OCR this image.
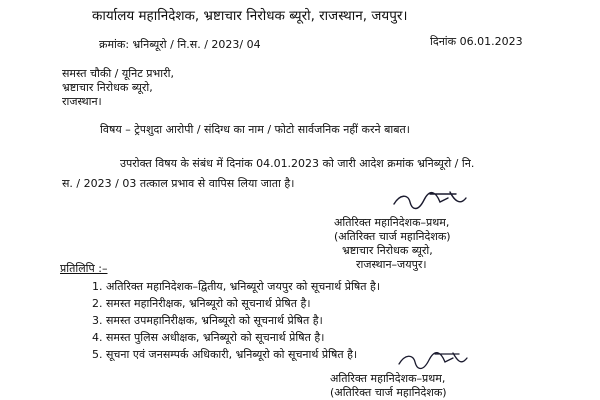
कार्यालय महानिदेशक, भ्रष्टाचार निरोधक ब्यूरो, राजस्थान, जयपुर।
क्रमांक: भ्रनिब्यूरो / नि.स. / 2023/ 04	दिनांक 06.01.2023
समस्त चौकी / यूनिट प्रभारी,
भ्रष्टाचार निरोधक ब्यूरो,
राजस्थान।
विषय – ट्रेपशुदा आरोपी / संदिग्ध का नाम / फोटो सार्वजनिक नहीं करने बाबत।
उपरोक्त विषय के संबंध में दिनांक 04.01.2023 को जारी आदेश क्रमांक भ्रनिब्यूरो / नि.
स. / 2023 / 03 तत्काल प्रभाव से वापिस लिया जाता है।
अतिरिक्त महानिदेशक–प्रथम,
(अतिरिक्त चार्ज महानिदेशक)
भ्रष्टाचार निरोधक ब्यूरो,
राजस्थान–जयपुर।
प्रतिलिपि :–
1. अतिरिक्त महानिदेशक–द्वितीय, भ्रनिब्यूरो जयपुर को सूचनार्थ प्रेषित है।
2. समस्त महानिरीक्षक, भ्रनिब्यूरो को सूचनार्थ प्रेषित है।
3. समस्त उपमहानिरीक्षक, भ्रनिब्यूरो को सूचनार्थ प्रेषित है।
4. समस्त पुलिस अधीक्षक, भ्रनिब्यूरो को सूचनार्थ प्रेषित है।
5. सूचना एवं जनसम्पर्क अधिकारी, भ्रनिब्यूरो को सूचनार्थ प्रेषित है।
अतिरिक्त महानिदेशक–प्रथम,
(अतिरिक्त चार्ज महानिदेशक)
